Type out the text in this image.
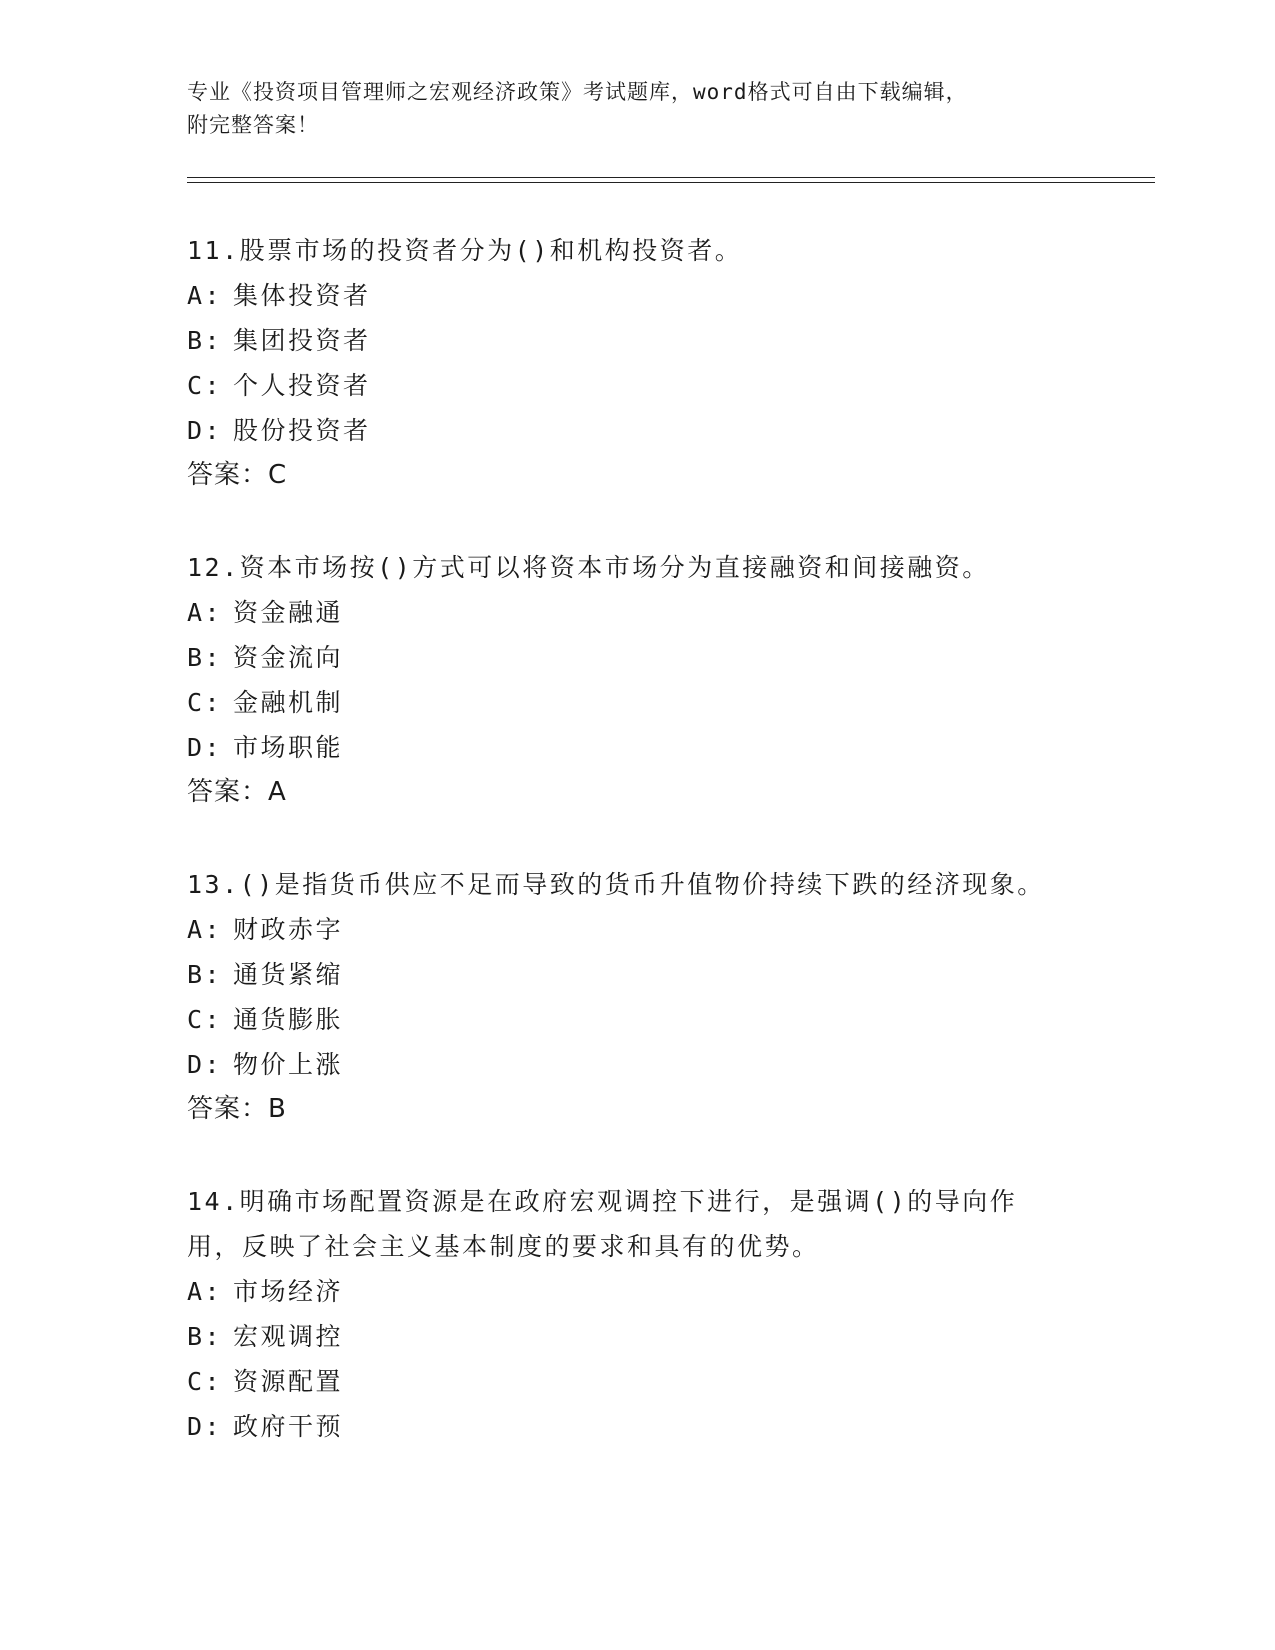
专业《投资项目管理师之宏观经济政策》考试题库，word格式可自由下载编辑，
附完整答案！

11.股票市场的投资者分为()和机构投资者。

A: 集体投资者
B: 集团投资者
C: 个人投资者
D: 股份投资者
答案：C

12.资本市场按()方式可以将资本市场分为直接融资和间接融资。

A: 资金融通
B: 资金流向
C: 金融机制
D: 市场职能
答案：A

13.()是指货币供应不足而导致的货币升值物价持续下跌的经济现象。

A: 财政赤字
B: 通货紧缩
C: 通货膨胀
D: 物价上涨
答案：B

14.明确市场配置资源是在政府宏观调控下进行，是强调()的导向作用，反映了社会主义基本制度的要求和具有的优势。

A: 市场经济
B: 宏观调控
C: 资源配置
D: 政府干预
